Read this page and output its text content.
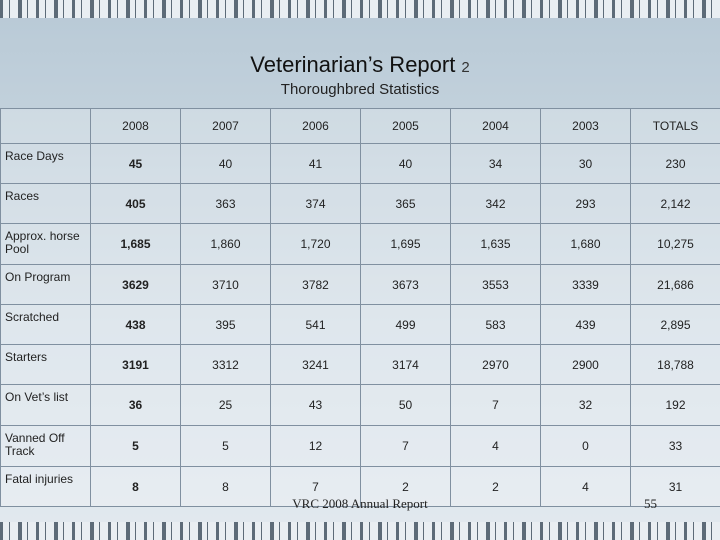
Veterinarian’s Report 2
Thoroughbred Statistics
	2008	2007	2006	2005	2004	2003	TOTALS
Race Days	45	40	41	40	34	30	230
Races	405	363	374	365	342	293	2,142
Approx. horse Pool	1,685	1,860	1,720	1,695	1,635	1,680	10,275
On Program	3629	3710	3782	3673	3553	3339	21,686
Scratched	438	395	541	499	583	439	2,895
Starters	3191	3312	3241	3174	2970	2900	18,788
On Vet’s list	36	25	43	50	7	32	192
Vanned Off Track	5	5	12	7	4	0	33
Fatal injuries	8	8	7	2	2	4	31
VRC 2008 Annual Report	55
